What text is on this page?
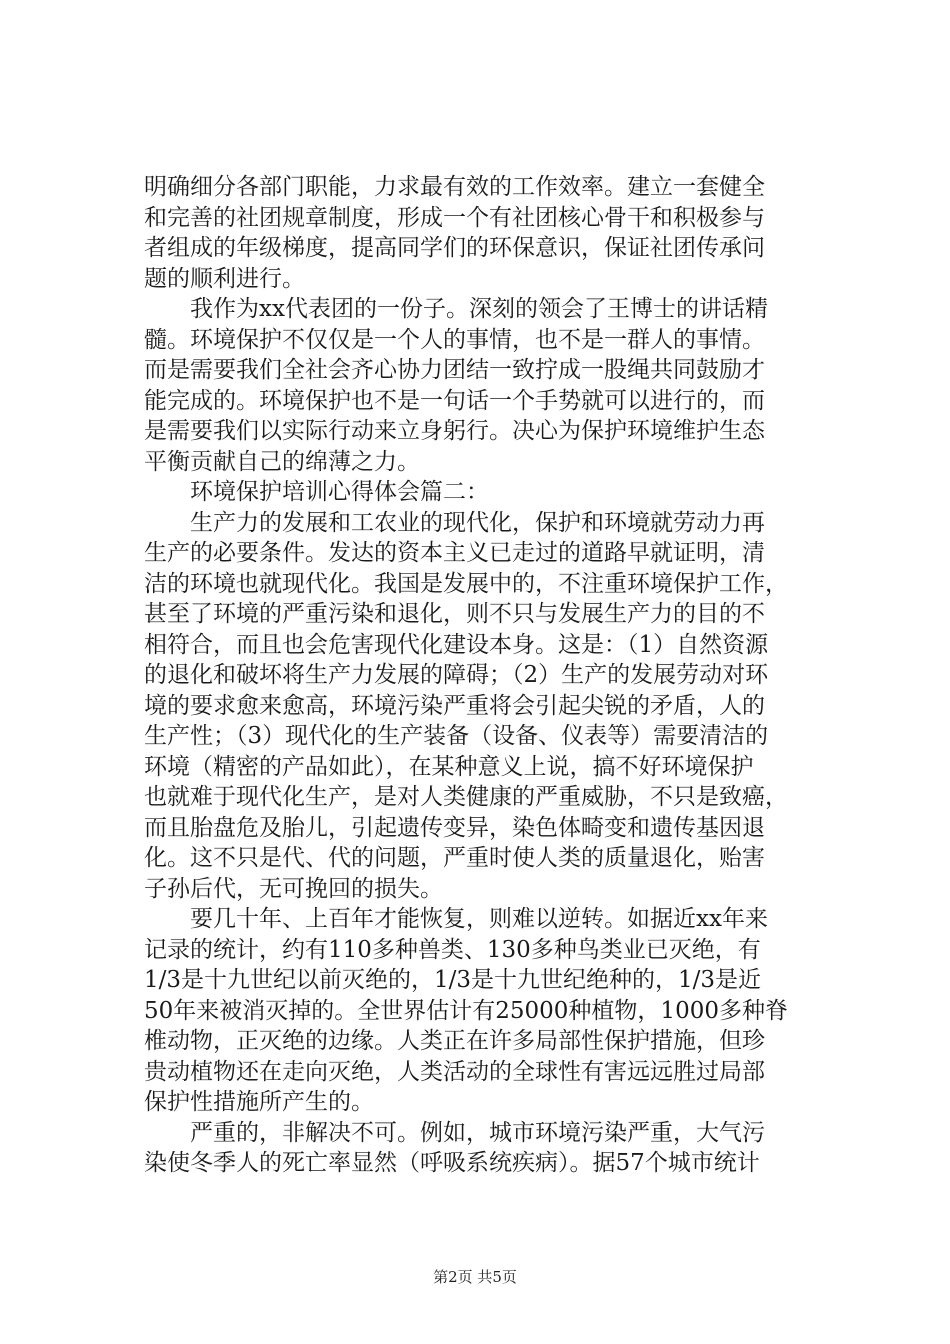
明确细分各部门职能，力求最有效的工作效率。建立一套健全
和完善的社团规章制度，形成一个有社团核心骨干和积极参与
者组成的年级梯度，提高同学们的环保意识，保证社团传承问
题的顺利进行。
　　我作为xx代表团的一份子。深刻的领会了王博士的讲话精
髓。环境保护不仅仅是一个人的事情，也不是一群人的事情。
而是需要我们全社会齐心协力团结一致拧成一股绳共同鼓励才
能完成的。环境保护也不是一句话一个手势就可以进行的，而
是需要我们以实际行动来立身躬行。决心为保护环境维护生态
平衡贡献自己的绵薄之力。
　　环境保护培训心得体会篇二：
　　生产力的发展和工农业的现代化，保护和环境就劳动力再
生产的必要条件。发达的资本主义已走过的道路早就证明，清
洁的环境也就现代化。我国是发展中的，不注重环境保护工作，
甚至了环境的严重污染和退化，则不只与发展生产力的目的不
相符合，而且也会危害现代化建设本身。这是：（1）自然资源
的退化和破坏将生产力发展的障碍；（2）生产的发展劳动对环
境的要求愈来愈高，环境污染严重将会引起尖锐的矛盾，人的
生产性；（3）现代化的生产装备（设备、仪表等）需要清洁的
环境（精密的产品如此），在某种意义上说，搞不好环境保护
也就难于现代化生产，是对人类健康的严重威胁，不只是致癌，
而且胎盘危及胎儿，引起遗传变异，染色体畸变和遗传基因退
化。这不只是代、代的问题，严重时使人类的质量退化，贻害
子孙后代，无可挽回的损失。
　　要几十年、上百年才能恢复，则难以逆转。如据近xx年来
记录的统计，约有110多种兽类、130多种鸟类业已灭绝，有
1/3是十九世纪以前灭绝的，1/3是十九世纪绝种的，1/3是近
50年来被消灭掉的。全世界估计有25000种植物，1000多种脊
椎动物，正灭绝的边缘。人类正在许多局部性保护措施，但珍
贵动植物还在走向灭绝，人类活动的全球性有害远远胜过局部
保护性措施所产生的。
　　严重的，非解决不可。例如，城市环境污染严重，大气污
染使冬季人的死亡率显然（呼吸系统疾病）。据57个城市统计
第2页 共5页
